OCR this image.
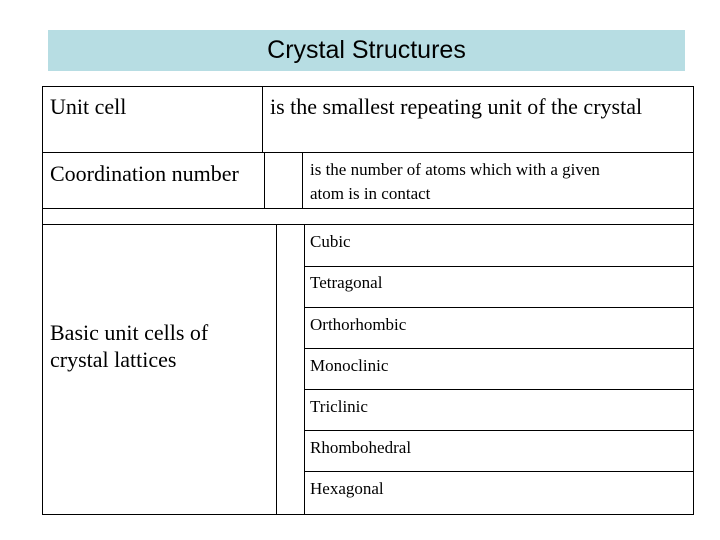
Crystal Structures
Unit cell	is the smallest repeating unit of the crystal
Coordination number	is the number of atoms which with a given
atom is in contact
Basic unit cells of
crystal lattices
Cubic
Tetragonal
Orthorhombic
Monoclinic
Triclinic
Rhombohedral
Hexagonal
